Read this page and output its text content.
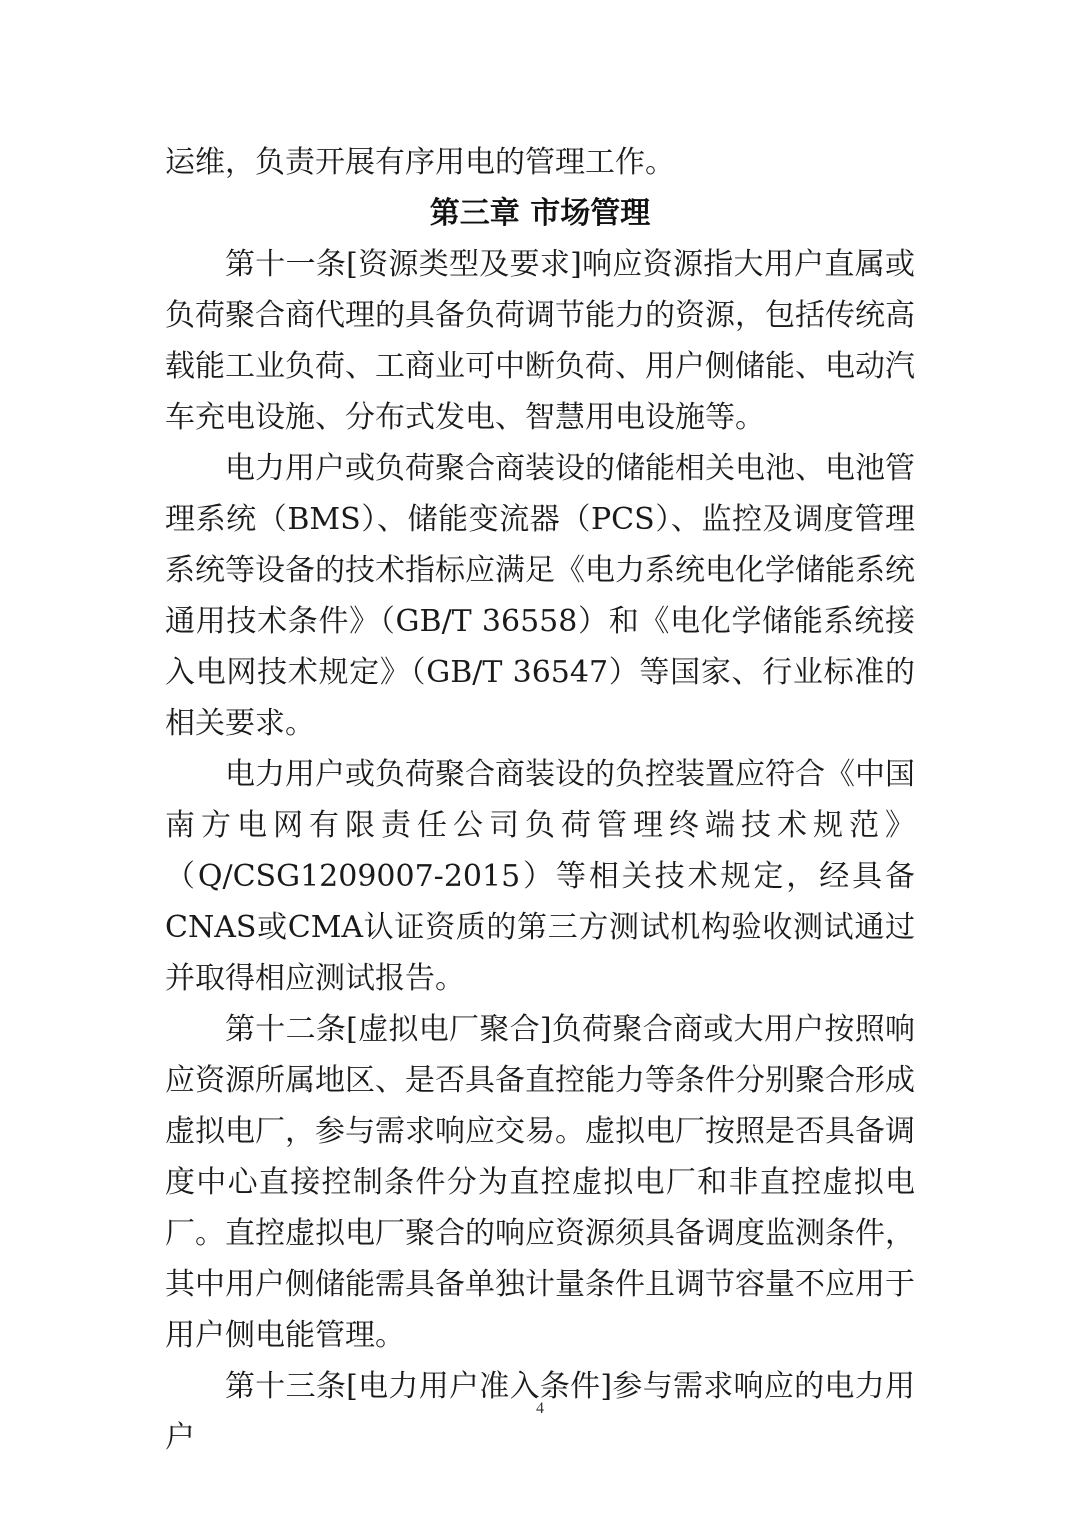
运维，负责开展有序用电的管理工作。

第三章 市场管理

第十一条[资源类型及要求]响应资源指大用户直属或负荷聚合商代理的具备负荷调节能力的资源，包括传统高载能工业负荷、工商业可中断负荷、用户侧储能、电动汽车充电设施、分布式发电、智慧用电设施等。

电力用户或负荷聚合商装设的储能相关电池、电池管理系统（BMS）、储能变流器（PCS）、监控及调度管理系统等设备的技术指标应满足《电力系统电化学储能系统通用技术条件》（GB/T 36558）和《电化学储能系统接入电网技术规定》（GB/T 36547）等国家、行业标准的相关要求。

电力用户或负荷聚合商装设的负控装置应符合《中国南方电网有限责任公司负荷管理终端技术规范》（Q/CSG1209007-2015）等相关技术规定，经具备CNAS或CMA认证资质的第三方测试机构验收测试通过并取得相应测试报告。

第十二条[虚拟电厂聚合]负荷聚合商或大用户按照响应资源所属地区、是否具备直控能力等条件分别聚合形成虚拟电厂，参与需求响应交易。虚拟电厂按照是否具备调度中心直接控制条件分为直控虚拟电厂和非直控虚拟电厂。直控虚拟电厂聚合的响应资源须具备调度监测条件，其中用户侧储能需具备单独计量条件且调节容量不应用于用户侧电能管理。

第十三条[电力用户准入条件]参与需求响应的电力用户

4
